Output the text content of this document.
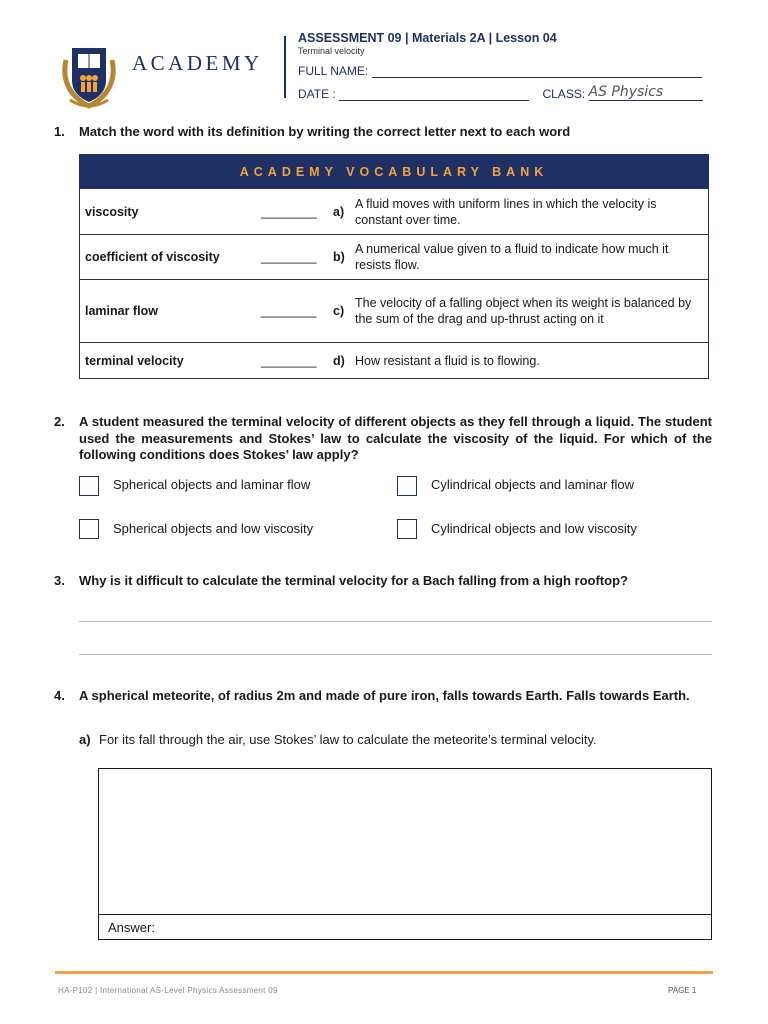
ACADEMY
ASSESSMENT 09 | Materials 2A | Lesson 04
Terminal velocity
FULL NAME:
DATE :	CLASS: AS Physics
1. Match the word with its definition by writing the correct letter next to each word
ACADEMY VOCABULARY BANK			
viscosity	________	a)	A fluid moves with uniform lines in which the velocity is constant over time.
coefficient of viscosity	________	b)	A numerical value given to a fluid to indicate how much it resists flow.
laminar flow	________	c)	The velocity of a falling object when its weight is balanced by the sum of the drag and up-thrust acting on it
terminal velocity	________	d)	How resistant a fluid is to flowing.
2. A student measured the terminal velocity of different objects as they fell through a liquid. The student used the measurements and Stokes’ law to calculate the viscosity of the liquid. For which of the following conditions does Stokes’ law apply?
Spherical objects and laminar flow	Cylindrical objects and laminar flow
Spherical objects and low viscosity	Cylindrical objects and low viscosity
3. Why is it difficult to calculate the terminal velocity for a Bach falling from a high rooftop?
4. A spherical meteorite, of radius 2m and made of pure iron, falls towards Earth. Falls towards Earth.
a) For its fall through the air, use Stokes’ law to calculate the meteorite’s terminal velocity.
Answer:
HA-P102 | International AS-Level Physics Assessment 09	PAGE 1
